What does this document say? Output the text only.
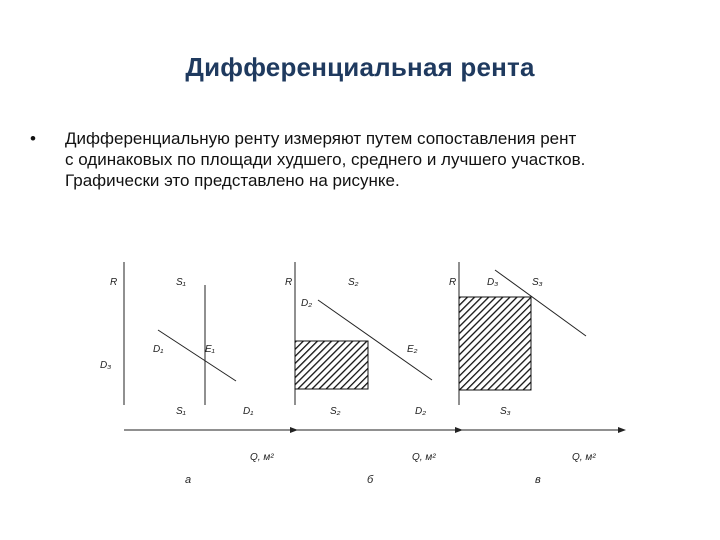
Дифференциальная рента
• Дифференциальную ренту измеряют путем сопоставления рент
с одинаковых по площади худшего, среднего и лучшего участков.
Графически это представлено на рисунке.
R	S₁
D₃
D₁	E₁
S₁	D₁
Q, м²
а
R	S₂
D₂
E₂
S₂	D₂
Q, м²
б
R	D₃	S₃
S₃
Q, м²
в
